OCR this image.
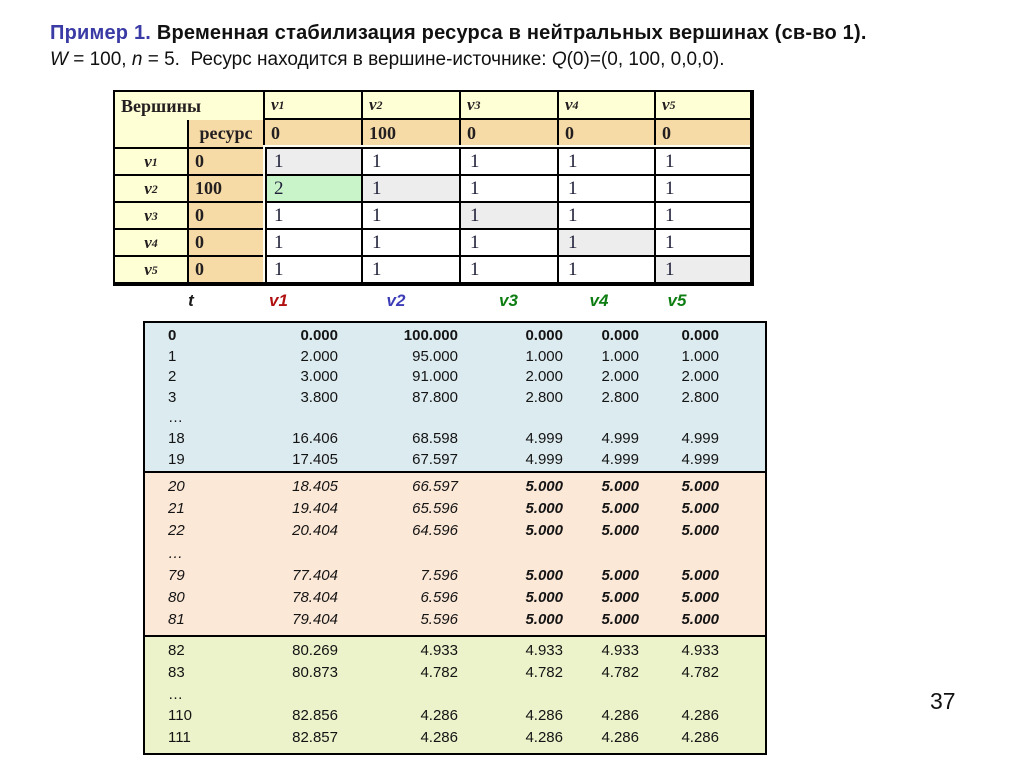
Пример 1. Временная стабилизация ресурса в нейтральных вершинах (св-во 1).
W = 100, n = 5.  Ресурс находится в вершине-источнике: Q(0)=(0, 100, 0,0,0).
Вершины	v 1	v 2	v 3	v 4	v 5
ресурс	0	100	0	0	0
v 1	0	1	1	1	1	1
v 2	100	2	1	1	1	1
v 3	0	1	1	1	1	1
v 4	0	1	1	1	1	1
v 5	0	1	1	1	1	1
t	v1	v2	v3	v4	v5
0	0.000	100.000	0.000	0.000	0.000
1	2.000	95.000	1.000	1.000	1.000
2	3.000	91.000	2.000	2.000	2.000
3	3.800	87.800	2.800	2.800	2.800
…
18	16.406	68.598	4.999	4.999	4.999
19	17.405	67.597	4.999	4.999	4.999
20	18.405	66.597	5.000	5.000	5.000
21	19.404	65.596	5.000	5.000	5.000
22	20.404	64.596	5.000	5.000	5.000
…
79	77.404	7.596	5.000	5.000	5.000
80	78.404	6.596	5.000	5.000	5.000
81	79.404	5.596	5.000	5.000	5.000
82	80.269	4.933	4.933	4.933	4.933
83	80.873	4.782	4.782	4.782	4.782
…
110	82.856	4.286	4.286	4.286	4.286
111	82.857	4.286	4.286	4.286	4.286
37
